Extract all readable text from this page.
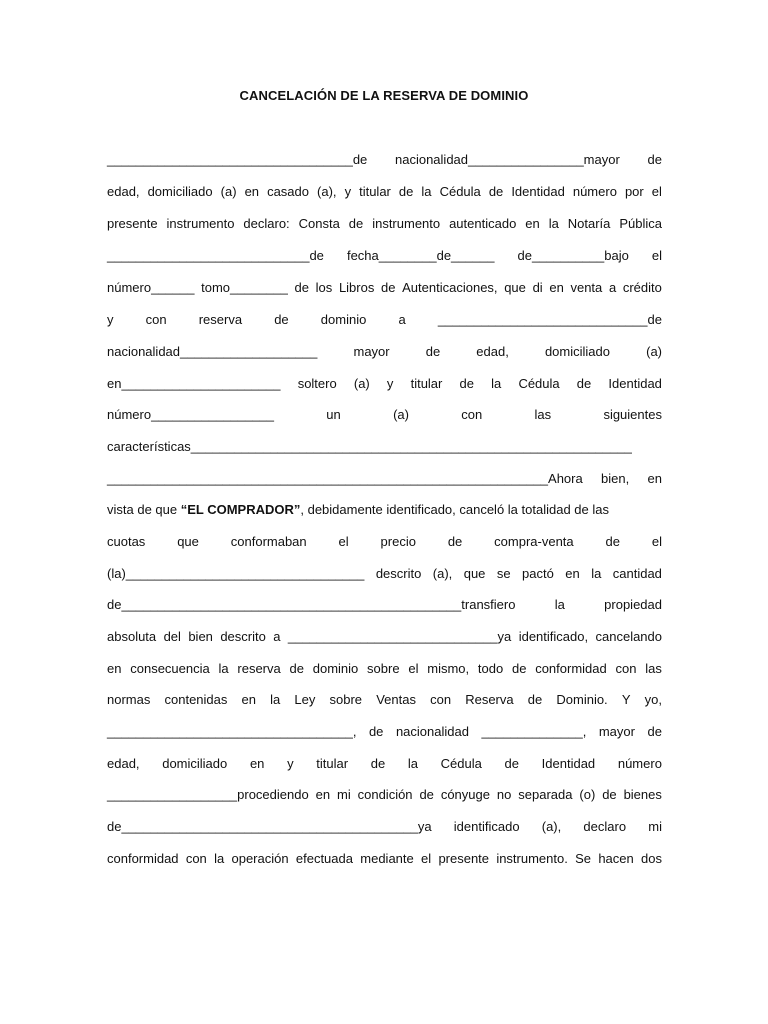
CANCELACIÓN DE LA RESERVA DE DOMINIO
__________________________________de nacionalidad________________mayor de
edad, domiciliado (a) en casado (a), y titular de la Cédula de Identidad número por el
presente instrumento declaro: Consta de instrumento autenticado en la Notaría Pública
____________________________de fecha________de______ de__________bajo el
número______ tomo________ de los Libros de Autenticaciones, que di en venta a crédito
y con reserva de dominio a _____________________________de
nacionalidad___________________	mayor	de	edad,	domiciliado	(a)
en______________________ soltero (a) y titular de la Cédula de Identidad
número_________________	un	(a)	con	las	siguientes
características_____________________________________________________________
_____________________________________________________________Ahora bien, en
vista de que “EL COMPRADOR”, debidamente identificado, canceló la totalidad de las
cuotas que conformaban el precio de compra-venta de el
(la)_________________________________ descrito (a), que se pactó en la cantidad
de_______________________________________________transfiero	la	propiedad
absoluta del bien descrito a _____________________________ya identificado, cancelando
en consecuencia la reserva de dominio sobre el mismo, todo de conformidad con las
normas contenidas en la Ley sobre Ventas con Reserva de Dominio. Y yo,
__________________________________, de nacionalidad ______________, mayor de
edad, domiciliado en y titular de la Cédula de Identidad número
__________________procediendo en mi condición de cónyuge no separada (o) de bienes
de_________________________________________ya identificado (a), declaro mi
conformidad con la operación efectuada mediante el presente instrumento. Se hacen dos
